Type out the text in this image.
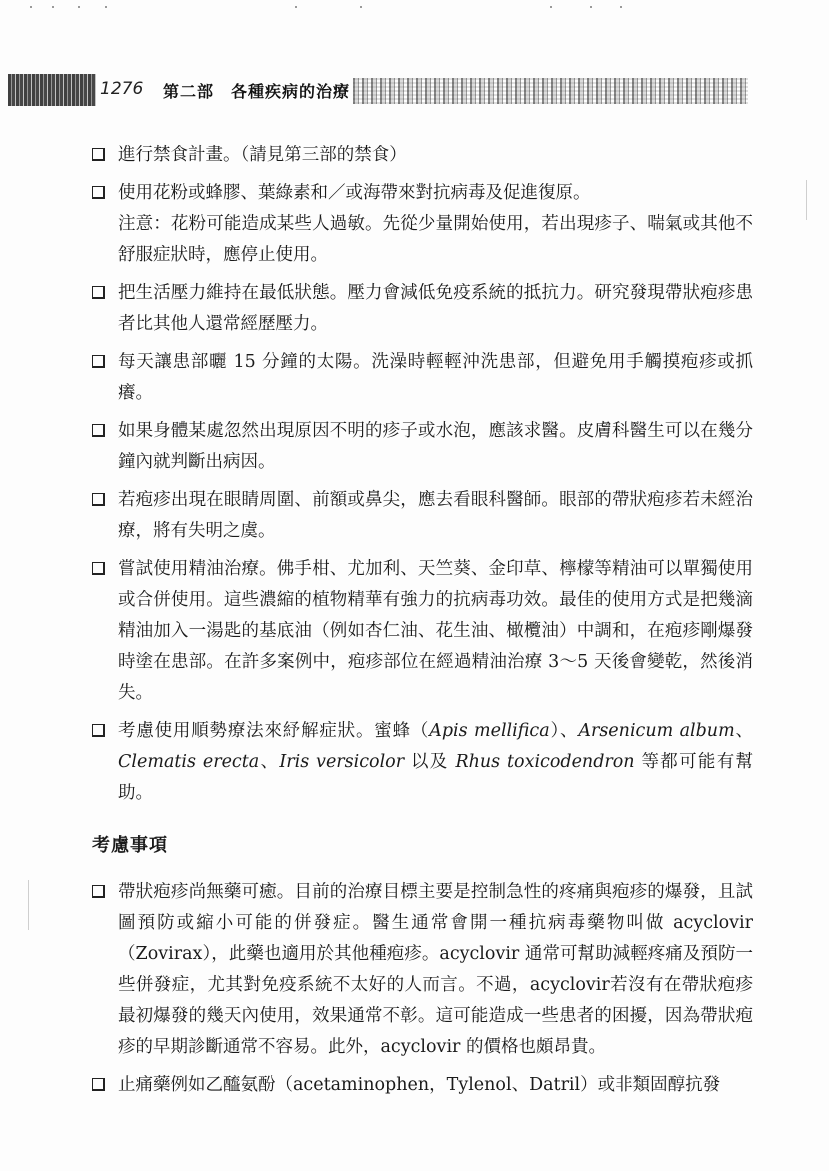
1276 第二部　各種疾病的治療
進行禁食計畫。（請見第三部的禁食）
使用花粉或蜂膠、葉綠素和／或海帶來對抗病毒及促進復原。
注意：花粉可能造成某些人過敏。先從少量開始使用，若出現疹子、喘氣或其他不舒服症狀時，應停止使用。
把生活壓力維持在最低狀態。壓力會減低免疫系統的抵抗力。研究發現帶狀疱疹患者比其他人還常經歷壓力。
每天讓患部曬 15 分鐘的太陽。洗澡時輕輕沖洗患部，但避免用手觸摸疱疹或抓癢。
如果身體某處忽然出現原因不明的疹子或水泡，應該求醫。皮膚科醫生可以在幾分鐘內就判斷出病因。
若疱疹出現在眼睛周圍、前額或鼻尖，應去看眼科醫師。眼部的帶狀疱疹若未經治療，將有失明之虞。
嘗試使用精油治療。佛手柑、尤加利、天竺葵、金印草、檸檬等精油可以單獨使用或合併使用。這些濃縮的植物精華有強力的抗病毒功效。最佳的使用方式是把幾滴精油加入一湯匙的基底油（例如杏仁油、花生油、橄欖油）中調和，在疱疹剛爆發時塗在患部。在許多案例中，疱疹部位在經過精油治療 3～5 天後會變乾，然後消失。
考慮使用順勢療法來紓解症狀。蜜蜂（Apis mellifica）、Arsenicum album、Clematis erecta、Iris versicolor 以及 Rhus toxicodendron 等都可能有幫助。
考慮事項
帶狀疱疹尚無藥可癒。目前的治療目標主要是控制急性的疼痛與疱疹的爆發，且試圖預防或縮小可能的併發症。醫生通常會開一種抗病毒藥物叫做 acyclovir（Zovirax），此藥也適用於其他種疱疹。acyclovir 通常可幫助減輕疼痛及預防一些併發症，尤其對免疫系統不太好的人而言。不過，acyclovir若沒有在帶狀疱疹最初爆發的幾天內使用，效果通常不彰。這可能造成一些患者的困擾，因為帶狀疱疹的早期診斷通常不容易。此外，acyclovir 的價格也頗昂貴。
止痛藥例如乙醯氨酚（acetaminophen，Tylenol、Datril）或非類固醇抗發
